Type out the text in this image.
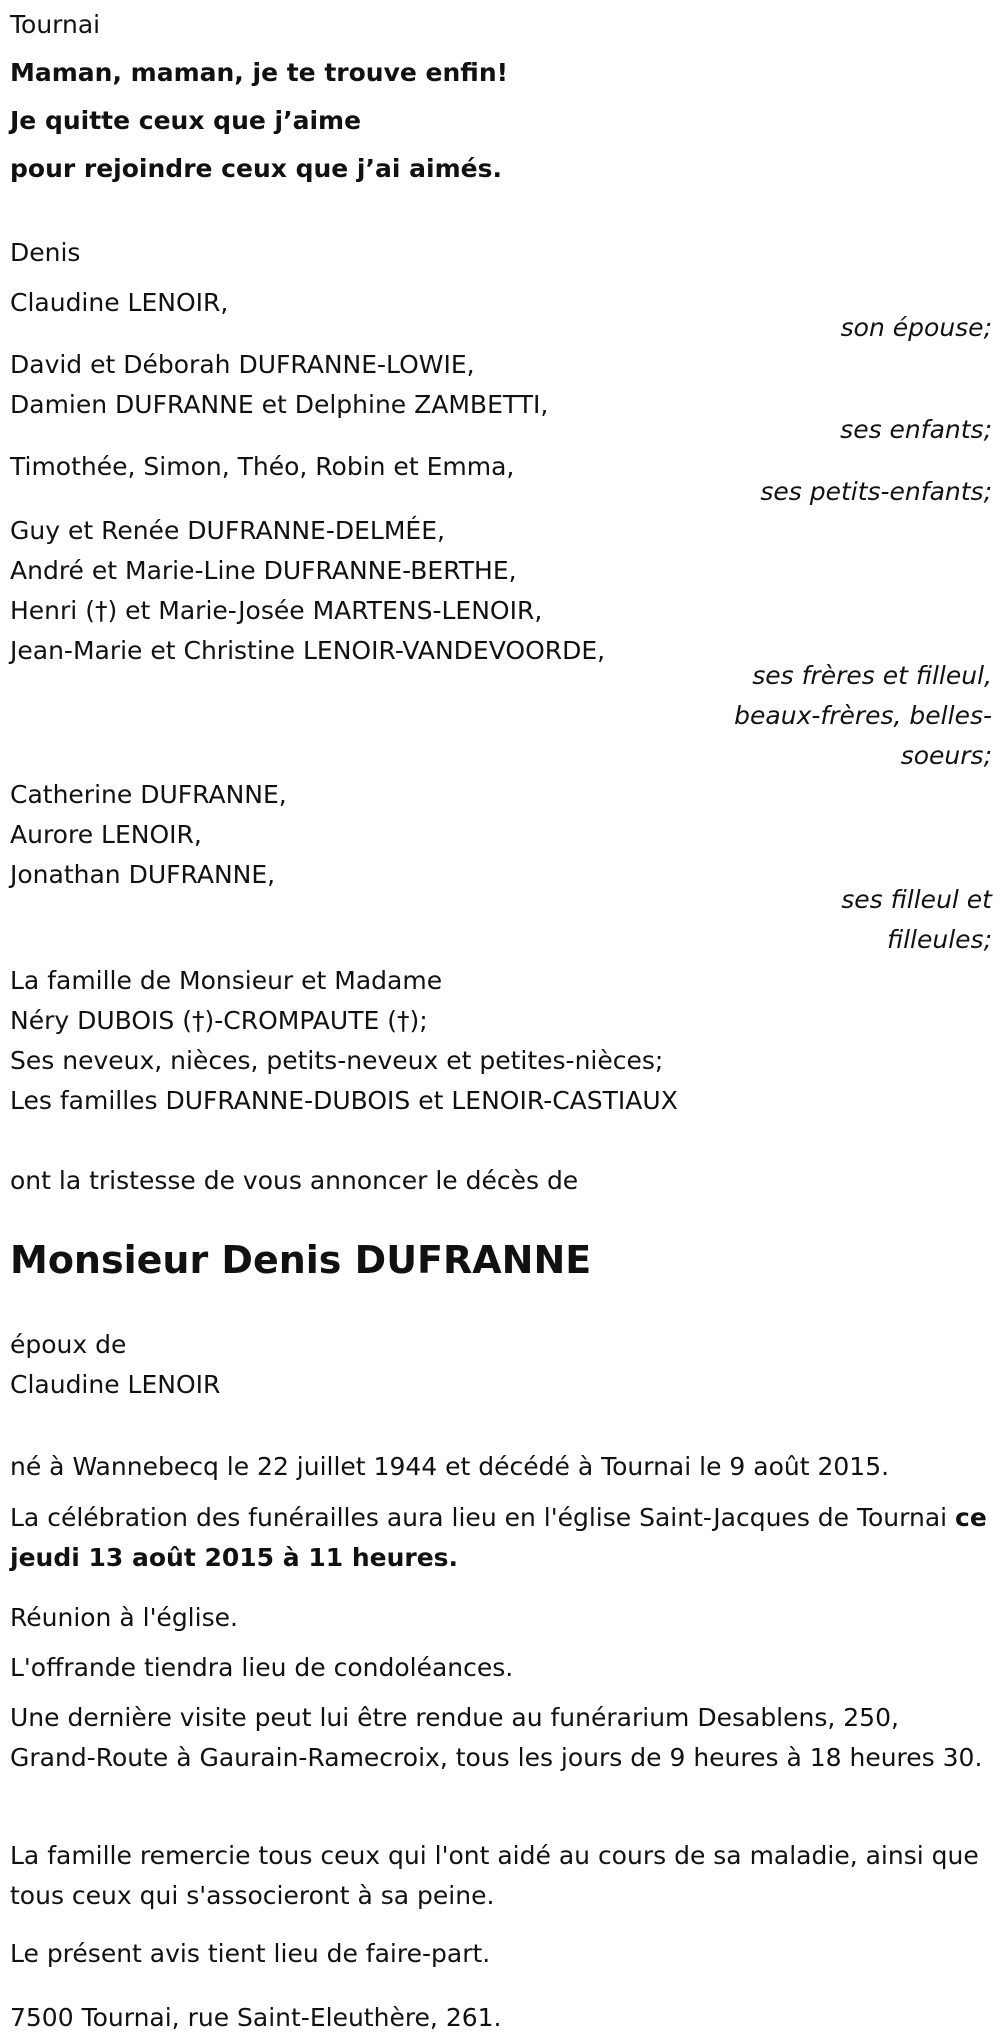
Tournai
Maman, maman, je te trouve enfin!
Je quitte ceux que j’aime
pour rejoindre ceux que j’ai aimés.
Denis
Claudine LENOIR,
son épouse;
David et Déborah DUFRANNE-LOWIE,
Damien DUFRANNE et Delphine ZAMBETTI,
ses enfants;
Timothée, Simon, Théo, Robin et Emma,
ses petits-enfants;
Guy et Renée DUFRANNE-DELMÉE,
André et Marie-Line DUFRANNE-BERTHE,
Henri (†) et Marie-Josée MARTENS-LENOIR,
Jean-Marie et Christine LENOIR-VANDEVOORDE,
ses frères et filleul,
beaux-frères, belles-
soeurs;
Catherine DUFRANNE,
Aurore LENOIR,
Jonathan DUFRANNE,
ses filleul et
filleules;
La famille de Monsieur et Madame
Néry DUBOIS (†)-CROMPAUTE (†);
Ses neveux, nièces, petits-neveux et petites-nièces;
Les familles DUFRANNE-DUBOIS et LENOIR-CASTIAUX
ont la tristesse de vous annoncer le décès de
Monsieur Denis DUFRANNE
époux de
Claudine LENOIR
né à Wannebecq le 22 juillet 1944 et décédé à Tournai le 9 août 2015.
La célébration des funérailles aura lieu en l'église Saint-Jacques de Tournai ce jeudi 13 août 2015 à 11 heures.
Réunion à l'église.
L'offrande tiendra lieu de condoléances.
Une dernière visite peut lui être rendue au funérarium Desablens, 250, Grand-Route à Gaurain-Ramecroix, tous les jours de 9 heures à 18 heures 30.
La famille remercie tous ceux qui l'ont aidé au cours de sa maladie, ainsi que tous ceux qui s'associeront à sa peine.
Le présent avis tient lieu de faire-part.
7500 Tournai, rue Saint-Eleuthère, 261.
